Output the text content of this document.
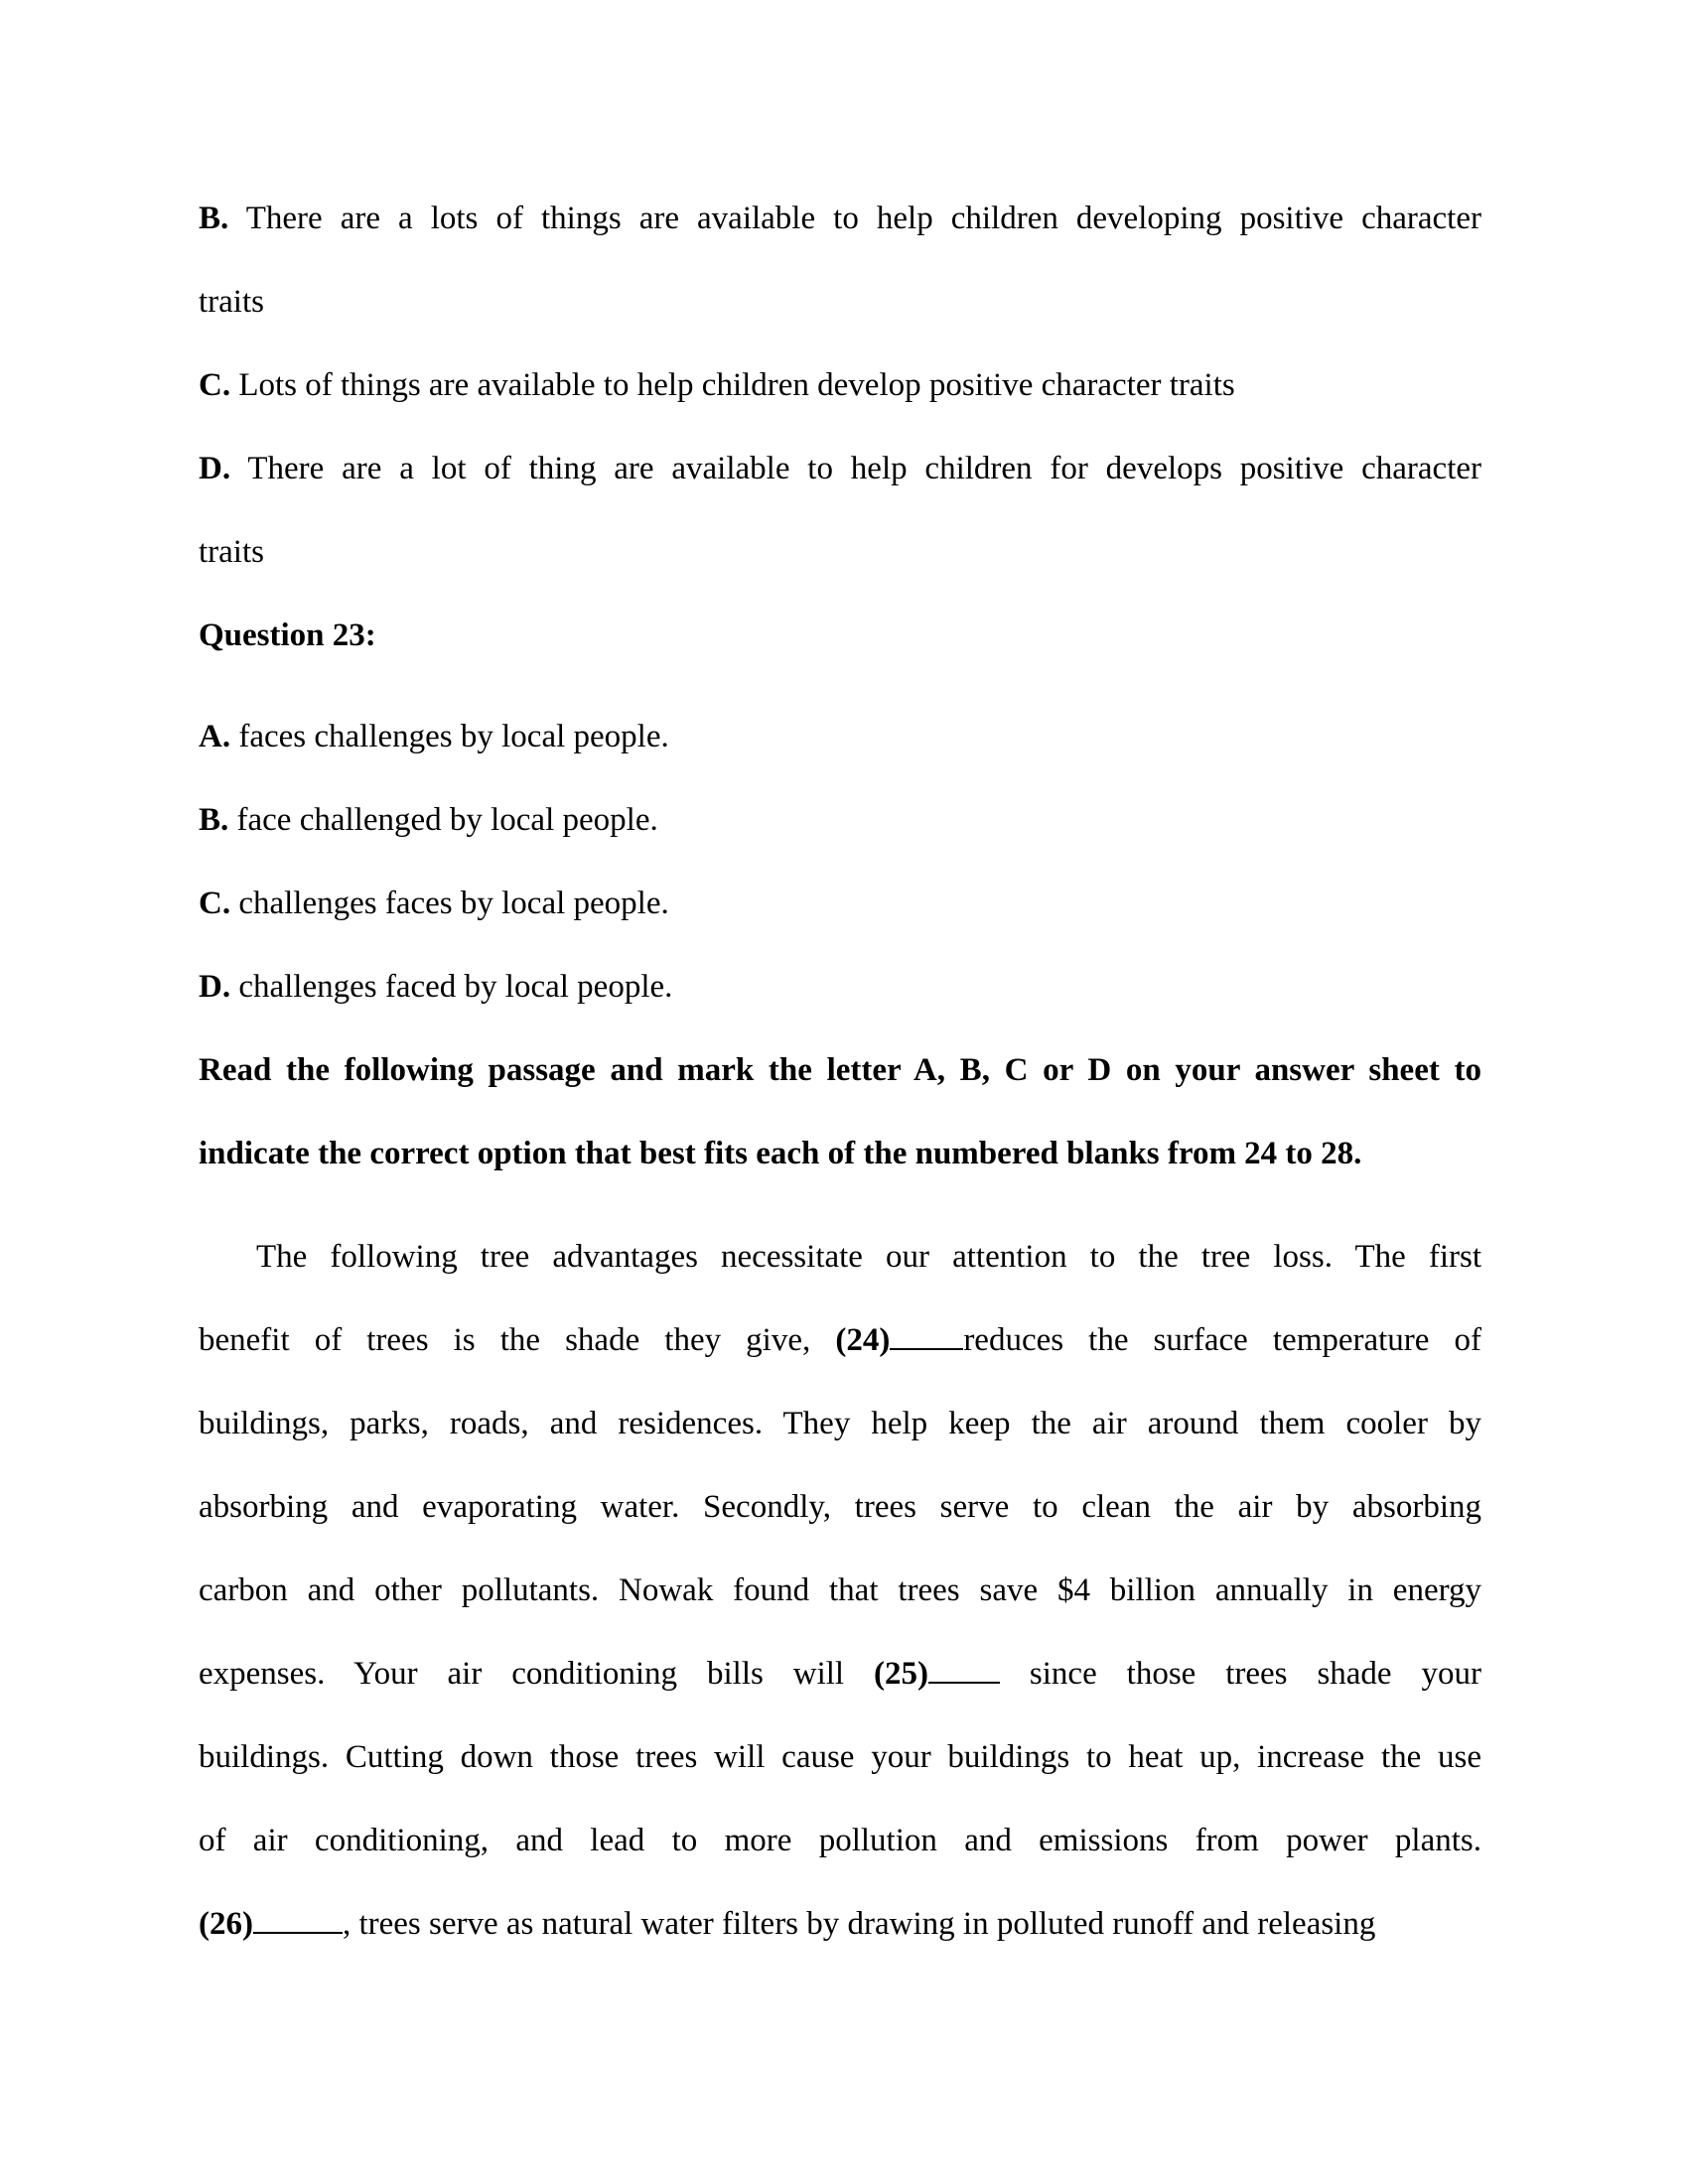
B. There are a lots of things are available to help children developing positive character
traits
C. Lots of things are available to help children develop positive character traits
D. There are a lot of thing are available to help children for develops positive character
traits
Question 23:
A. faces challenges by local people.
B. face challenged by local people.
C. challenges faces by local people.
D. challenges faced by local people.
Read the following passage and mark the letter A, B, C or D on your answer sheet to
indicate the correct option that best fits each of the numbered blanks from 24 to 28.
The following tree advantages necessitate our attention to the tree loss. The first
benefit of trees is the shade they give, (24) reduces the surface temperature of
buildings, parks, roads, and residences. They help keep the air around them cooler by
absorbing and evaporating water. Secondly, trees serve to clean the air by absorbing
carbon and other pollutants. Nowak found that trees save $4 billion annually in energy
expenses. Your air conditioning bills will (25)	since those trees shade your
buildings. Cutting down those trees will cause your buildings to heat up, increase the use
of air conditioning, and lead to more pollution and emissions from power plants.
(26)	, trees serve as natural water filters by drawing in polluted runoff and releasing
